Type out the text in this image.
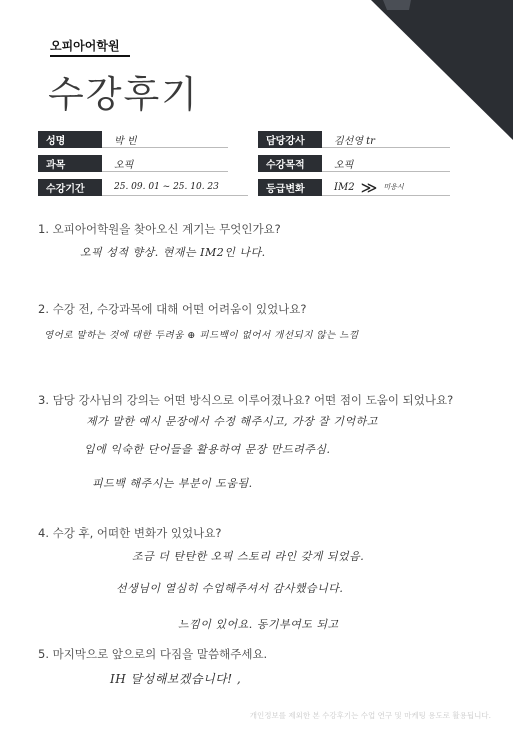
오피아어학원
수강후기
성명	박 빈	담당강사	김선영 tr
과목	오픽	수강목적	오픽
수강기간	25. 09. 01 ~ 25. 10. 23	등급변화	IM2 ≫ 미응시
1. 오피아어학원을 찾아오신 계기는 무엇인가요?
오픽 성적 향상. 현재는 IM2인 나다.
2. 수강 전, 수강과목에 대해 어떤 어려움이 있었나요?
영어로 말하는 것에 대한 두려움 ⊕ 피드백이 없어서 개선되지 않는 느낌
3. 담당 강사님의 강의는 어떤 방식으로 이루어졌나요? 어떤 점이 도움이 되었나요?
제가 말한 예시 문장에서 수정 해주시고, 가장 잘 기억하고
입에 익숙한 단어들을 활용하여 문장 만드려주심.
피드백 해주시는 부분이 도움됨.
4. 수강 후, 어떠한 변화가 있었나요?
조금 더 탄탄한 오픽 스토리 라인 갖게 되었음.
선생님이 열심히 수업해주셔서 감사했습니다.
느낌이 있어요. 동기부여도 되고
5. 마지막으로 앞으로의 다짐을 말씀해주세요.
IH 달성해보겠습니다! ,
개인정보를 제외한 본 수강후기는 수업 연구 및 마케팅 용도로 활용됩니다.
